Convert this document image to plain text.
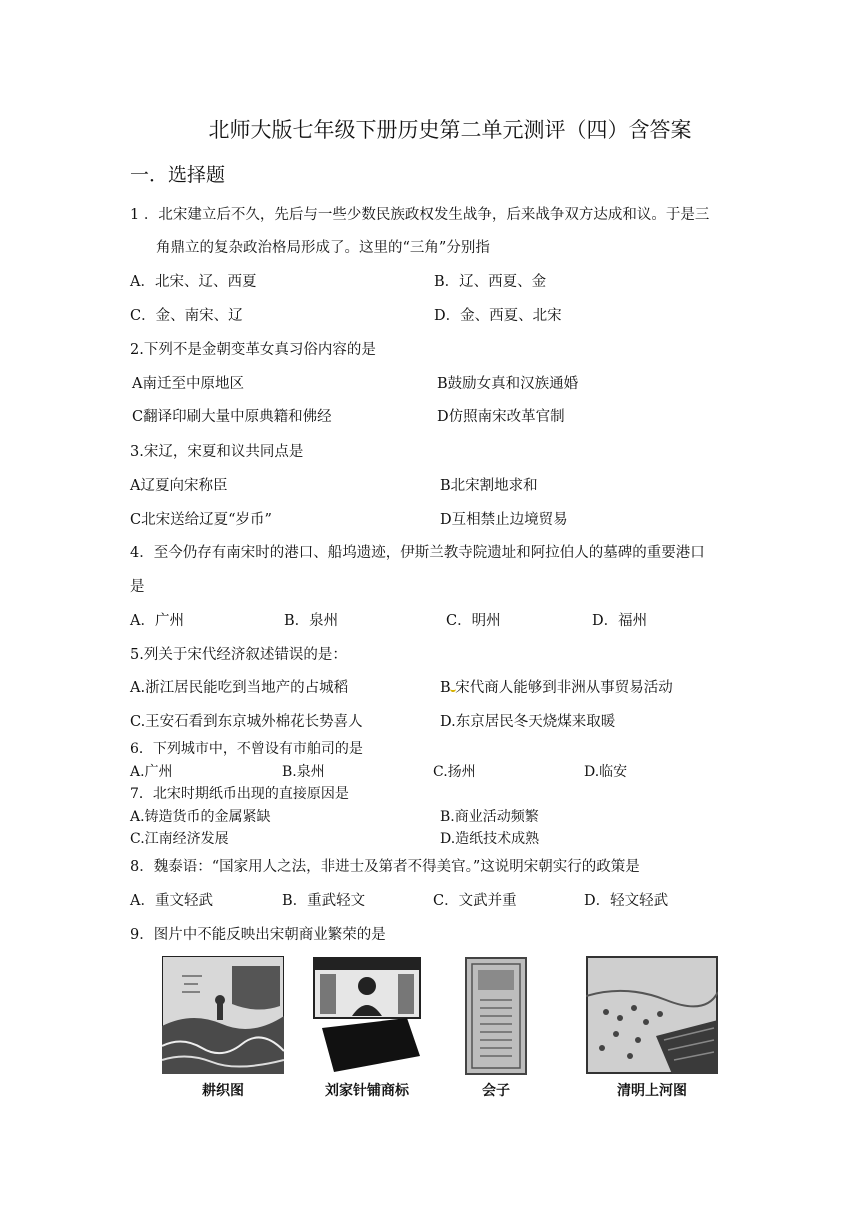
北师大版七年级下册历史第二单元测评（四）含答案
一．选择题
1 ．北宋建立后不久，先后与一些少数民族政权发生战争，后来战争双方达成和议。于是三
角鼎立的复杂政治格局形成了。这里的“三角”分别指
A．北宋、辽、西夏	B．辽、西夏、金
C．金、南宋、辽	D．金、西夏、北宋
2.下列不是金朝变革女真习俗内容的是
A南迁至中原地区	B鼓励女真和汉族通婚
C翻译印刷大量中原典籍和佛经	D仿照南宋改革官制
3.宋辽，宋夏和议共同点是
A辽夏向宋称臣	B北宋割地求和
C北宋送给辽夏“岁币”	D互相禁止边境贸易
4．至今仍存有南宋时的港口、船坞遗迹，伊斯兰教寺院遗址和阿拉伯人的墓碑的重要港口
是
A．广州	B．泉州	C．明州	D．福州
5.列关于宋代经济叙述错误的是：
A.浙江居民能吃到当地产的占城稻	B.宋代商人能够到非洲从事贸易活动
C.王安石看到东京城外棉花长势喜人	D.东京居民冬天烧煤来取暖
6．下列城市中，不曾设有市舶司的是
A.广州	B.泉州	C.扬州	D.临安
7．北宋时期纸币出现的直接原因是
A.铸造货币的金属紧缺	B.商业活动频繁
C.江南经济发展	D.造纸技术成熟
8．魏泰语：“国家用人之法，非进士及第者不得美官。”这说明宋朝实行的政策是
A．重文轻武	B．重武轻文	C．文武并重	D．轻文轻武
9．图片中不能反映出宋朝商业繁荣的是
耕织图	刘家针铺商标	会子	清明上河图
